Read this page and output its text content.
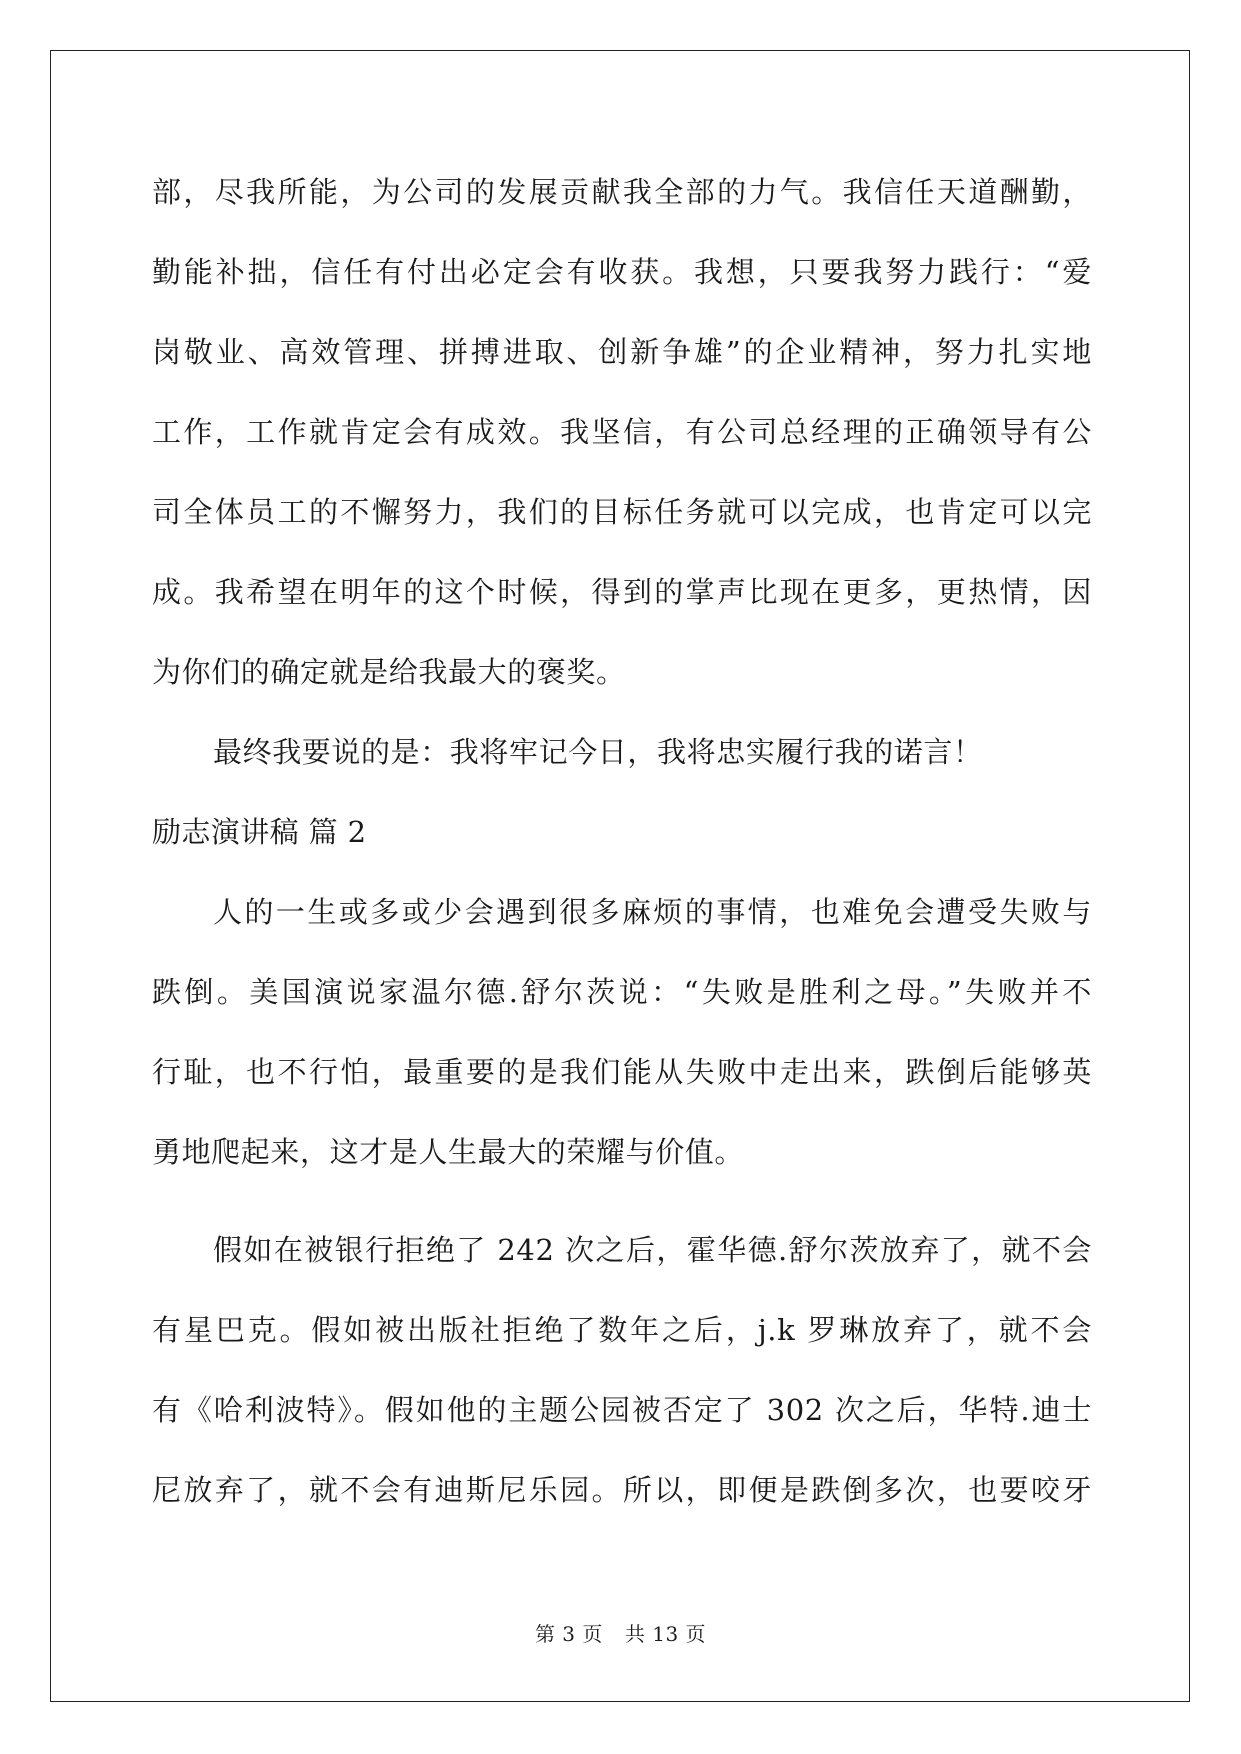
部，尽我所能，为公司的发展贡献我全部的力气。我信任天道酬勤，
勤能补拙，信任有付出必定会有收获。我想，只要我努力践行：“爱
岗敬业、高效管理、拼搏进取、创新争雄”的企业精神，努力扎实地
工作，工作就肯定会有成效。我坚信，有公司总经理的正确领导有公
司全体员工的不懈努力，我们的目标任务就可以完成，也肯定可以完
成。我希望在明年的这个时候，得到的掌声比现在更多，更热情，因
为你们的确定就是给我最大的褒奖。
最终我要说的是：我将牢记今日，我将忠实履行我的诺言！
励志演讲稿 篇 2
人的一生或多或少会遇到很多麻烦的事情，也难免会遭受失败与
跌倒。美国演说家温尔德.舒尔茨说：“失败是胜利之母。”失败并不
行耻，也不行怕，最重要的是我们能从失败中走出来，跌倒后能够英
勇地爬起来，这才是人生最大的荣耀与价值。
假如在被银行拒绝了 242 次之后，霍华德.舒尔茨放弃了，就不会
有星巴克。假如被出版社拒绝了数年之后，j.k 罗琳放弃了，就不会
有《哈利波特》。假如他的主题公园被否定了 302 次之后，华特.迪士
尼放弃了，就不会有迪斯尼乐园。所以，即便是跌倒多次，也要咬牙
第 3 页 共 13 页
